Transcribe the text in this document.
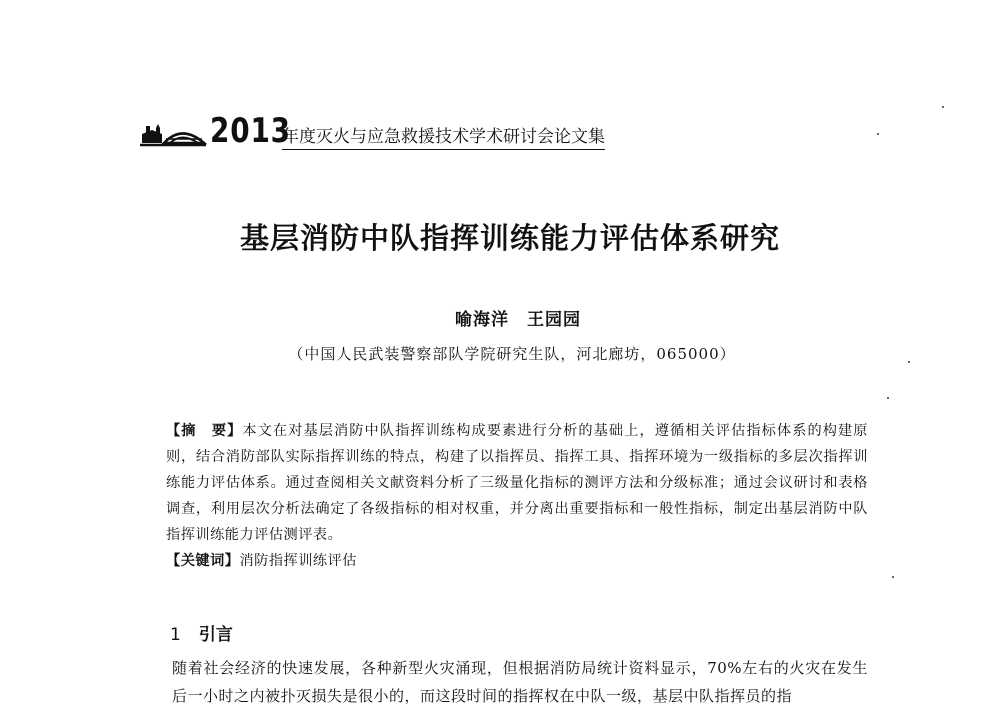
2013
年度灭火与应急救援技术学术研讨会论文集
基层消防中队指挥训练能力评估体系研究
喻海洋　王园园
（中国人民武装警察部队学院研究生队，河北廊坊，065000）
【摘　要】本文在对基层消防中队指挥训练构成要素进行分析的基础上，遵循相关评估指标体系的构建原则，结合消防部队实际指挥训练的特点，构建了以指挥员、指挥工具、指挥环境为一级指标的多层次指挥训练能力评估体系。通过查阅相关文献资料分析了三级量化指标的测评方法和分级标准；通过会议研讨和表格调查，利用层次分析法确定了各级指标的相对权重，并分离出重要指标和一般性指标，制定出基层消防中队指挥训练能力评估测评表。
【关键词】消防指挥训练评估
1 引言
随着社会经济的快速发展，各种新型火灾涌现，但根据消防局统计资料显示，70%左右的火灾在发生后一小时之内被扑灭损失是很小的，而这段时间的指挥权在中队一级，基层中队指挥员的指
